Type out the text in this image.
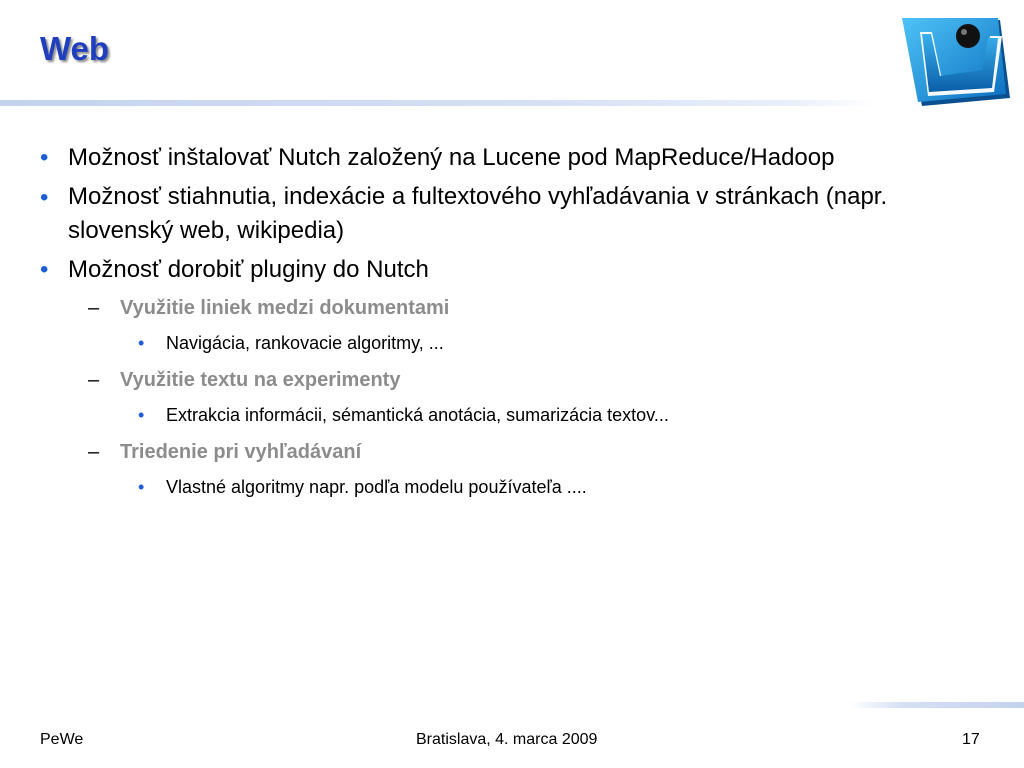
Web
• Možnosť inštalovať Nutch založený na Lucene pod MapReduce/Hadoop
• Možnosť stiahnutia, indexácie a fultextového vyhľadávania v stránkach (napr. slovenský web, wikipedia)
• Možnosť dorobiť pluginy do Nutch
–	Využitie liniek medzi dokumentami
•	Navigácia, rankovacie algoritmy, ...
–	Využitie textu na experimenty
•	Extrakcia informácii, sémantická anotácia, sumarizácia textov...
–	Triedenie pri vyhľadávaní
•	Vlastné algoritmy napr. podľa modelu používateľa ....
PeWe	Bratislava, 4. marca 2009	17
